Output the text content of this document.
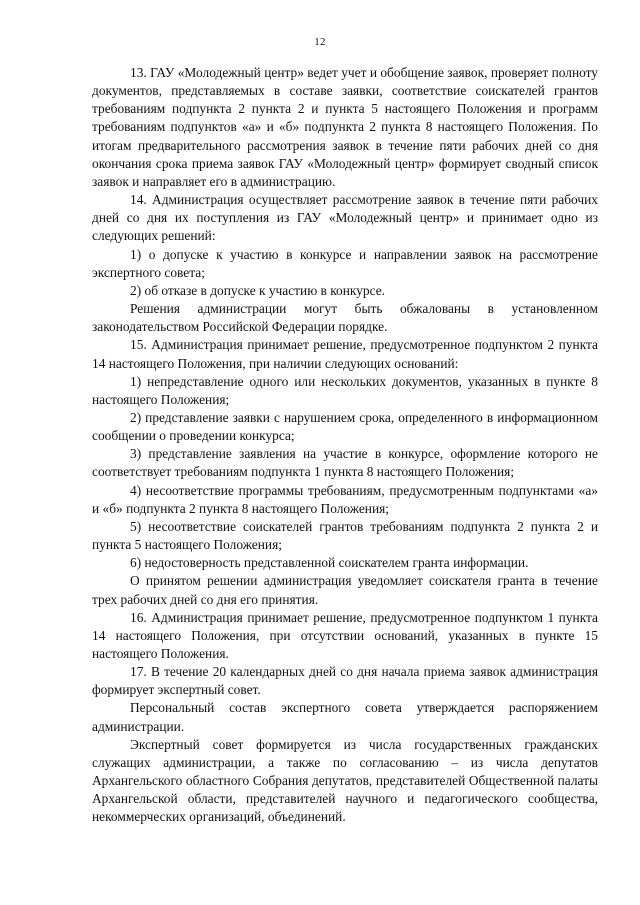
12

13. ГАУ «Молодежный центр» ведет учет и обобщение заявок, проверяет полноту документов, представляемых в составе заявки, соответствие соискателей грантов требованиям подпункта 2 пункта 2 и пункта 5 настоящего Положения и программ требованиям подпунктов «а» и «б» подпункта 2 пункта 8 настоящего Положения. По итогам предварительного рассмотрения заявок в течение пяти рабочих дней со дня окончания срока приема заявок ГАУ «Молодежный центр» формирует сводный список заявок и направляет его в администрацию.

14. Администрация осуществляет рассмотрение заявок в течение пяти рабочих дней со дня их поступления из ГАУ «Молодежный центр» и принимает одно из следующих решений:

1) о допуске к участию в конкурсе и направлении заявок на рассмотрение экспертного совета;

2) об отказе в допуске к участию в конкурсе.

Решения администрации могут быть обжалованы в установленном законодательством Российской Федерации порядке.

15. Администрация принимает решение, предусмотренное подпунктом 2 пункта 14 настоящего Положения, при наличии следующих оснований:

1) непредставление одного или нескольких документов, указанных в пункте 8 настоящего Положения;

2) представление заявки с нарушением срока, определенного в информационном сообщении о проведении конкурса;

3) представление заявления на участие в конкурсе, оформление которого не соответствует требованиям подпункта 1 пункта 8 настоящего Положения;

4) несоответствие программы требованиям, предусмотренным подпунктами «а» и «б» подпункта 2 пункта 8 настоящего Положения;

5) несоответствие соискателей грантов требованиям подпункта 2 пункта 2 и пункта 5 настоящего Положения;

6) недостоверность представленной соискателем гранта информации.

О принятом решении администрация уведомляет соискателя гранта в течение трех рабочих дней со дня его принятия.

16. Администрация принимает решение, предусмотренное подпунктом 1 пункта 14 настоящего Положения, при отсутствии оснований, указанных в пункте 15 настоящего Положения.

17. В течение 20 календарных дней со дня начала приема заявок администрация формирует экспертный совет.

Персональный состав экспертного совета утверждается распоряжением администрации.

Экспертный совет формируется из числа государственных гражданских служащих администрации, а также по согласованию – из числа депутатов Архангельского областного Собрания депутатов, представителей Общественной палаты Архангельской области, представителей научного и педагогического сообщества, некоммерческих организаций, объединений.
